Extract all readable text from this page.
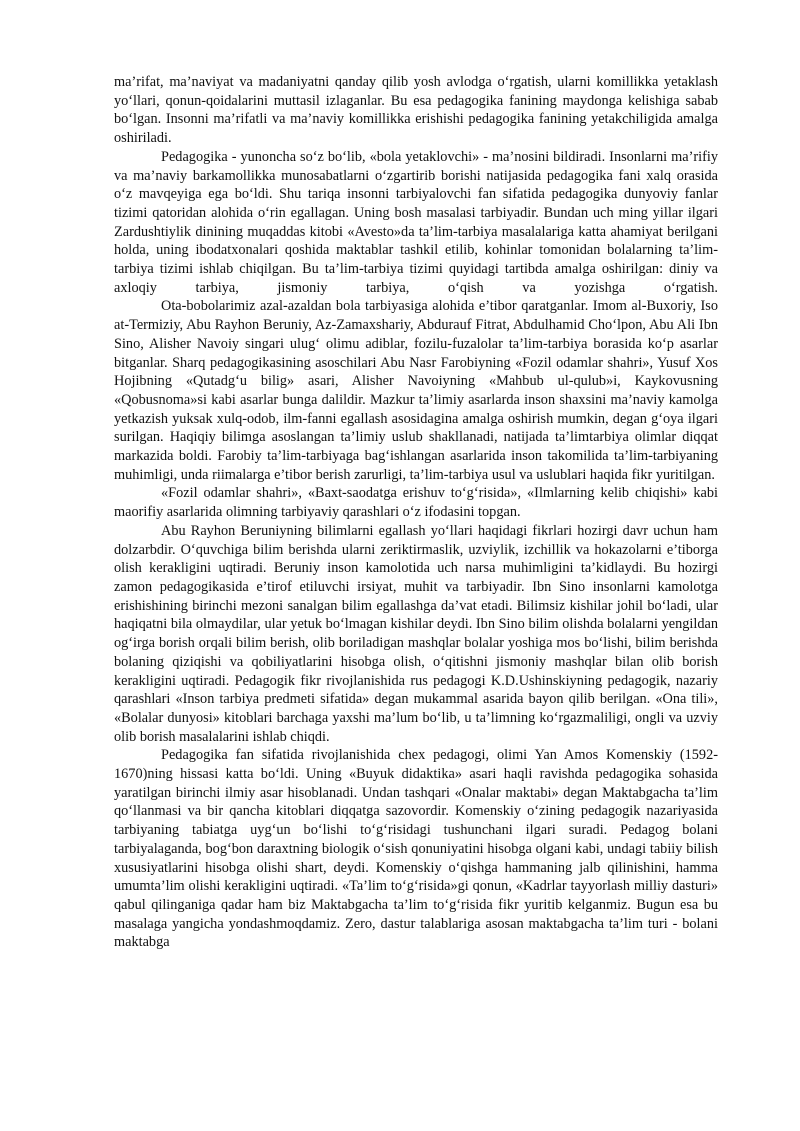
ma’rifat, ma’naviyat va madaniyatni qanday qilib yosh avlodga o‘rgatish, ularni komillikka yetaklash yo‘llari, qonun-qoidalarini muttasil izlaganlar. Bu esa pedagogika fanining maydonga kelishiga sabab bo‘lgan. Insonni ma’rifatli va ma’naviy komillikka erishishi pedagogika fanining yetakchiligida amalga oshiriladi.

Pedagogika - yunoncha so‘z bo‘lib, «bola yetaklovchi» - ma’nosini bildiradi. Insonlarni ma’rifiy va ma’naviy barkamollikka munosabatlarni o‘zgartirib borishi natijasida pedagogika fani xalq orasida o‘z mavqeyiga ega bo‘ldi. Shu tariqa insonni tarbiyalovchi fan sifatida pedagogika dunyoviy fanlar tizimi qatoridan alohida o‘rin egallagan. Uning bosh masalasi tarbiyadir. Bundan uch ming yillar ilgari Zardushtiylik dinining muqaddas kitobi «Avesto»da ta’lim-tarbiya masalalariga katta ahamiyat berilgani holda, uning ibodatxonalari qoshida maktablar tashkil etilib, kohinlar tomonidan bolalarning ta’lim-tarbiya tizimi ishlab chiqilgan. Bu ta’lim-tarbiya tizimi quyidagi tartibda amalga oshirilgan: diniy va axloqiy tarbiya, jismoniy tarbiya, o‘qish va yozishga o‘rgatish.

Ota-bobolarimiz azal-azaldan bola tarbiyasiga alohida e’tibor qaratganlar. Imom al-Buxoriy, Iso at-Termiziy, Abu Rayhon Beruniy, Az-Zamaxshariy, Abdurauf Fitrat, Abdulhamid Cho‘lpon, Abu Ali Ibn Sino, Alisher Navoiy singari ulug‘ olimu adiblar, fozilu-fuzalolar ta’lim-tarbiya borasida ko‘p asarlar bitganlar. Sharq pedagogikasining asoschilari Abu Nasr Farobiyning «Fozil odamlar shahri», Yusuf Xos Hojibning «Qutadg‘u bilig» asari, Alisher Navoiyning «Mahbub ul-qulub»i, Kaykovusning «Qobusnoma»si kabi asarlar bunga dalildir. Mazkur ta’limiy asarlarda inson shaxsini ma’naviy kamolga yetkazish yuksak xulq-odob, ilm-fanni egallash asosidagina amalga oshirish mumkin, degan g‘oya ilgari surilgan. Haqiqiy bilimga asoslangan ta’limiy uslub shakllanadi, natijada ta’limtarbiya olimlar diqqat markazida boldi. Farobiy ta’lim-tarbiyaga bag‘ishlangan asarlarida inson takomilida ta’lim-tarbiyaning muhimligi, unda riimalarga e’tibor berish zarurligi, ta’lim-tarbiya usul va uslublari haqida fikr yuritilgan.

«Fozil odamlar shahri», «Baxt-saodatga erishuv to‘g‘risida», «Ilmlarning kelib chiqishi» kabi maorifiy asarlarida olimning tarbiyaviy qarashlari o‘z ifodasini topgan.

Abu Rayhon Beruniyning bilimlarni egallash yo‘llari haqidagi fikrlari hozirgi davr uchun ham dolzarbdir. O‘quvchiga bilim berishda ularni zeriktirmaslik, uzviylik, izchillik va hokazolarni e’tiborga olish kerakligini uqtiradi. Beruniy inson kamolotida uch narsa muhimligini ta’kidlaydi. Bu hozirgi zamon pedagogikasida e’tirof etiluvchi irsiyat, muhit va tarbiyadir. Ibn Sino insonlarni kamolotga erishishining birinchi mezoni sanalgan bilim egallashga da’vat etadi. Bilimsiz kishilar johil bo‘ladi, ular haqiqatni bila olmaydilar, ular yetuk bo‘lmagan kishilar deydi. Ibn Sino bilim olishda bolalarni yengildan og‘irga borish orqali bilim berish, olib boriladigan mashqlar bolalar yoshiga mos bo‘lishi, bilim berishda bolaning qiziqishi va qobiliyatlarini hisobga olish, o‘qitishni jismoniy mashqlar bilan olib borish kerakligini uqtiradi. Pedagogik fikr rivojlanishida rus pedagogi K.D.Ushinskiyning pedagogik, nazariy qarashlari «Inson tarbiya predmeti sifatida» degan mukammal asarida bayon qilib berilgan. «Ona tili», «Bolalar dunyosi» kitoblari barchaga yaxshi ma’lum bo‘lib, u ta’limning ko‘rgazmaliligi, ongli va uzviy olib borish masalalarini ishlab chiqdi.

Pedagogika fan sifatida rivojlanishida chex pedagogi, olimi Yan Amos Komenskiy (1592-1670)ning hissasi katta bo‘ldi. Uning «Buyuk didaktika» asari haqli ravishda pedagogika sohasida yaratilgan birinchi ilmiy asar hisoblanadi. Undan tashqari «Onalar maktabi» degan Maktabgacha ta’lim qo‘llanmasi va bir qancha kitoblari diqqatga sazovordir. Komenskiy o‘zining pedagogik nazariyasida tarbiyaning tabiatga uyg‘un bo‘lishi to‘g‘risidagi tushunchani ilgari suradi. Pedagog bolani tarbiyalaganda, bog‘bon daraxtning biologik o‘sish qonuniyatini hisobga olgani kabi, undagi tabiiy bilish xususiyatlarini hisobga olishi shart, deydi. Komenskiy o‘qishga hammaning jalb qilinishini, hamma umumta’lim olishi kerakligini uqtiradi. «Ta’lim to‘g‘risida»gi qonun, «Kadrlar tayyorlash milliy dasturi» qabul qilinganiga qadar ham biz Maktabgacha ta’lim to‘g‘risida fikr yuritib kelganmiz. Bugun esa bu masalaga yangicha yondashmoqdamiz. Zero, dastur talablariga asosan maktabgacha ta’lim turi - bolani maktabga
